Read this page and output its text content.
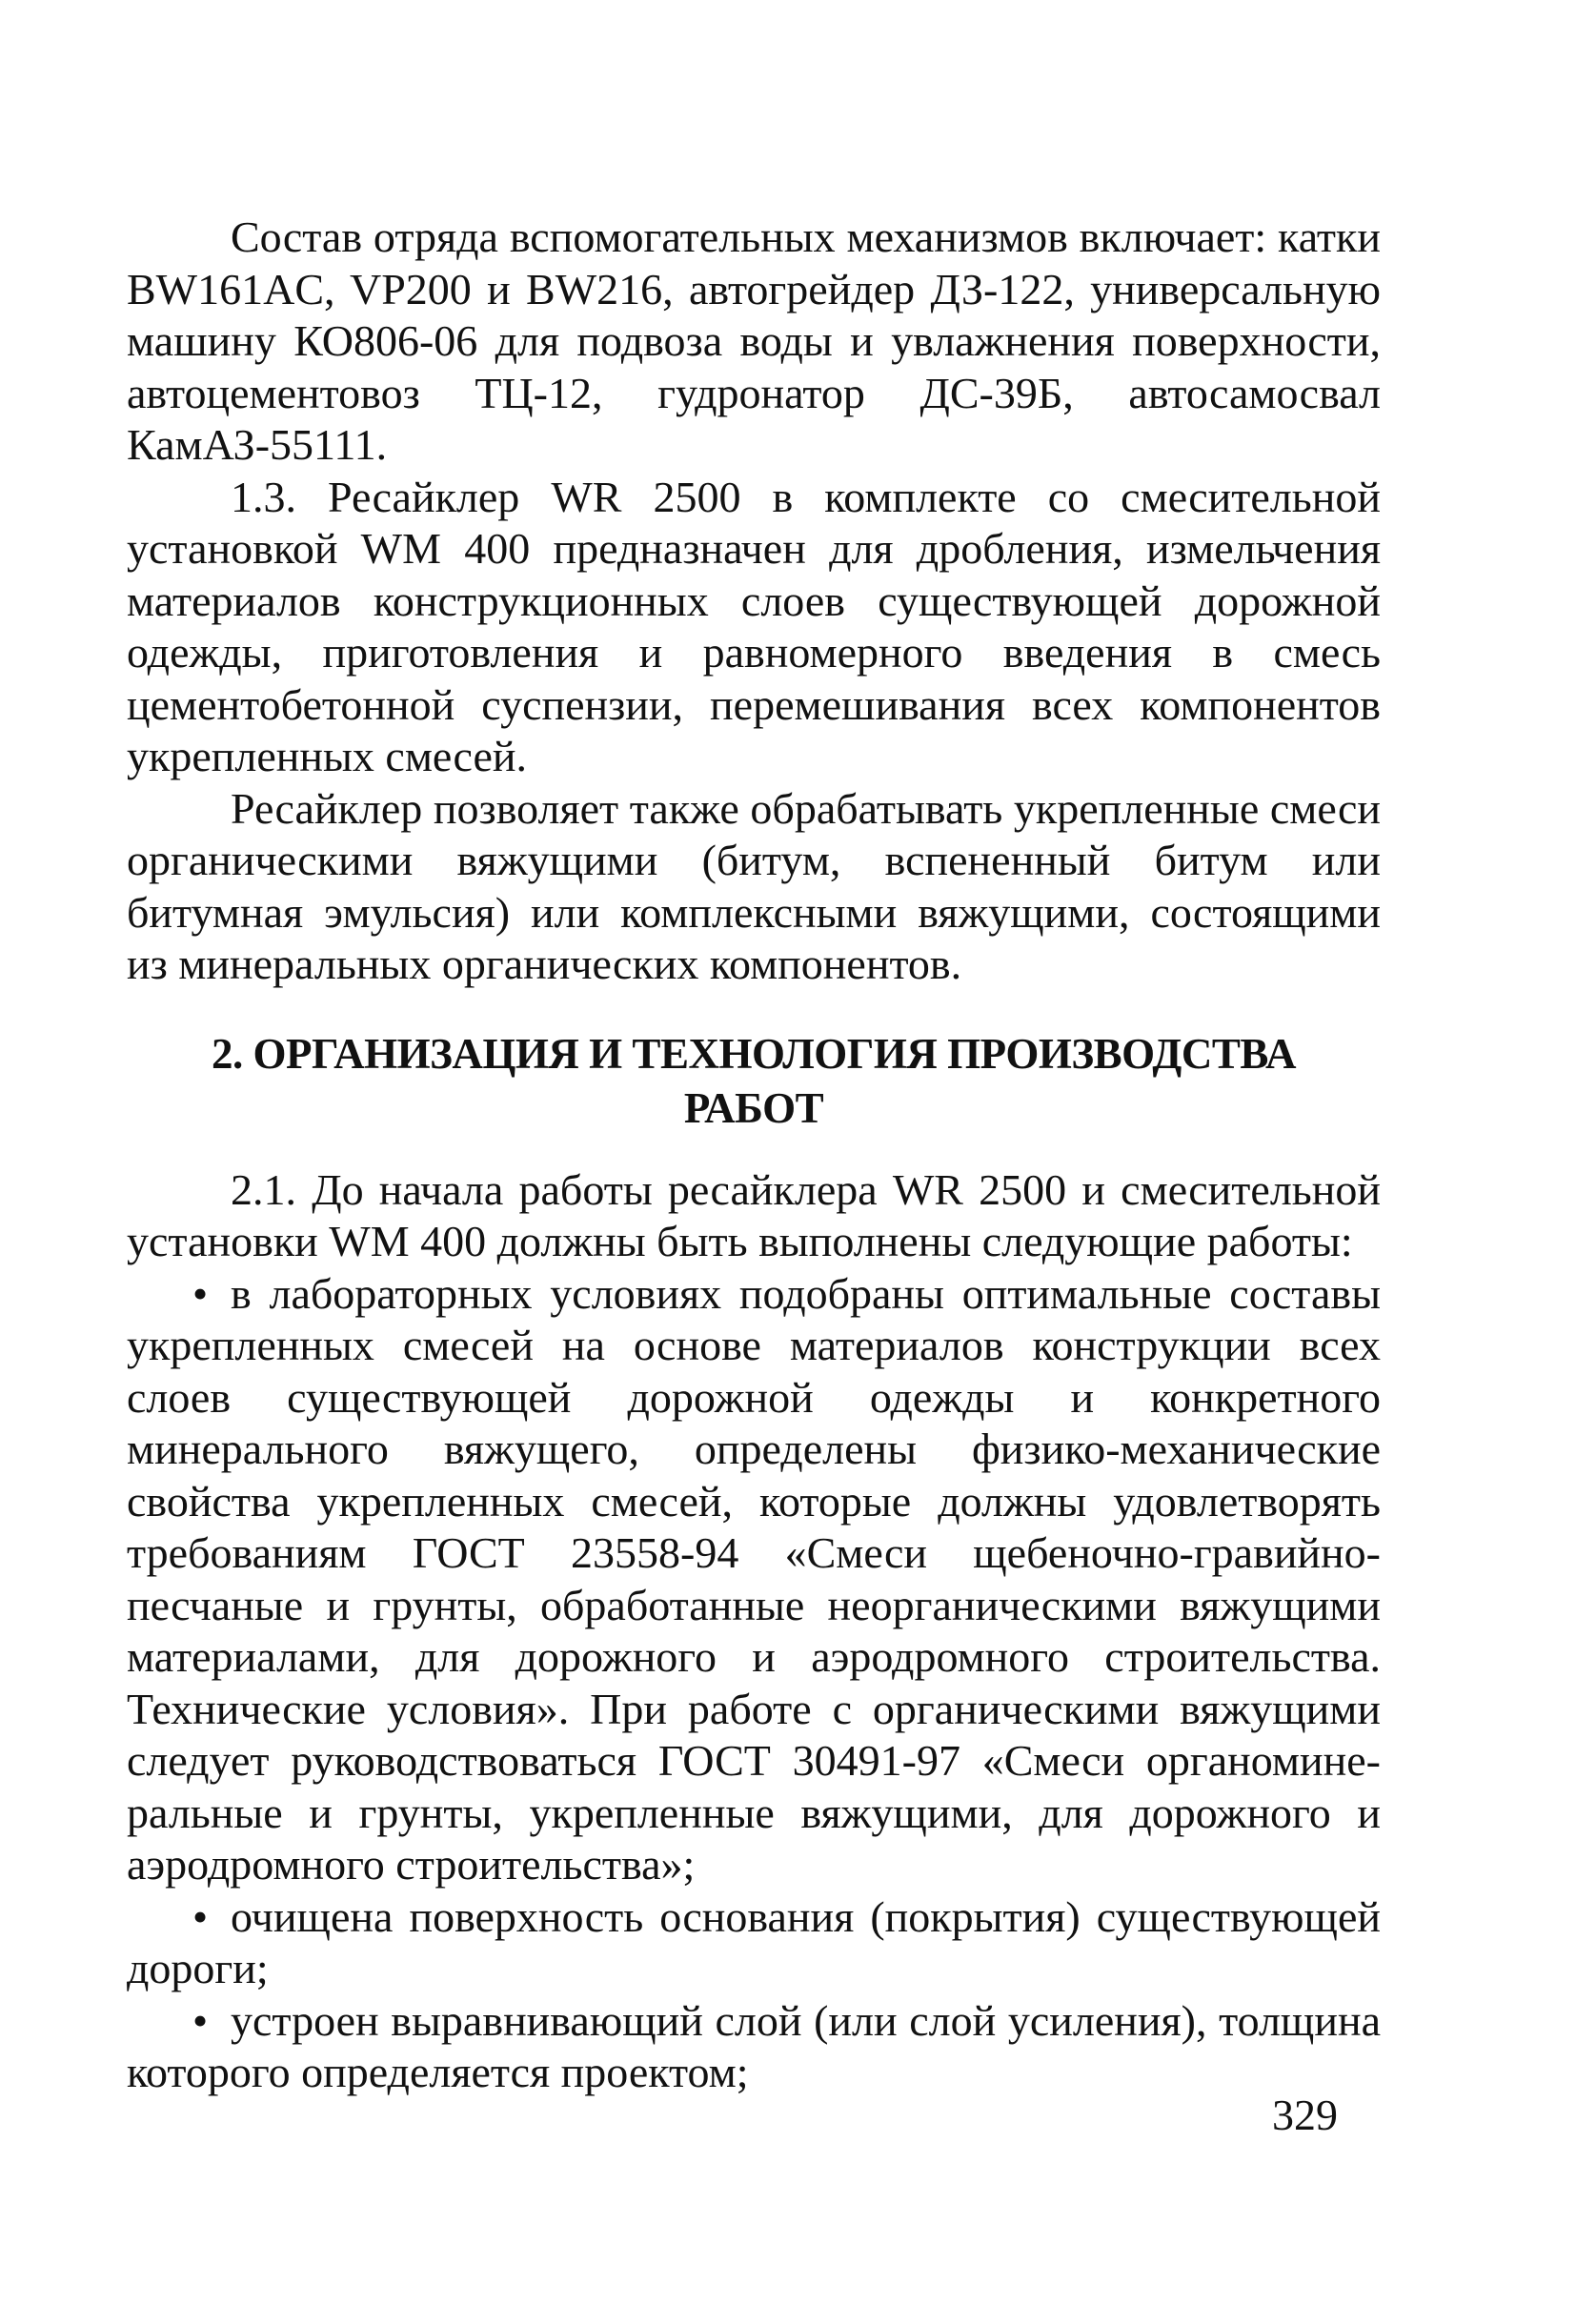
Состав отряда вспомогательных механизмов включает: катки BW161AC, VP200 и BW216, автогрейдер ДЗ-122, универсальную машину КО806-06 для подвоза воды и увлажнения поверхности, автоцементовоз ТЦ-12, гудронатор ДС-39Б, автосамосвал КамАЗ-55111.

1.3. Ресайклер WR 2500 в комплекте со смесительной установкой WM 400 предназначен для дробления, измельчения материалов конструкционных слоев существующей дорожной одежды, приготовления и равномерного введения в смесь цементобетонной суспензии, перемешивания всех компонентов укрепленных смесей.

Ресайклер позволяет также обрабатывать укрепленные смеси органическими вяжущими (битум, вспененный битум или битумная эмульсия) или комплексными вяжущими, состоящими из минеральных органических компонентов.

2. ОРГАНИЗАЦИЯ И ТЕХНОЛОГИЯ ПРОИЗВОДСТВА
РАБОТ

2.1. До начала работы ресайклера WR 2500 и смесительной установки WM 400 должны быть выполнены следующие работы:

• в лабораторных условиях подобраны оптимальные составы укрепленных смесей на основе материалов конструкции всех слоев существующей дорожной одежды и конкретного минерального вяжущего, определены физико-механические свойства укрепленных смесей, которые должны удовлетворять требованиям ГОСТ 23558-94 «Смеси щебеночно-гравийно-песчаные и грунты, обработанные неорганическими вяжущими материалами, для дорожного и аэродромного строительства. Технические условия». При работе с органическими вяжущими следует руководствоваться ГОСТ 30491-97 «Смеси органоминеральные и грунты, укрепленные вяжущими, для дорожного и аэродромного строительства»;

• очищена поверхность основания (покрытия) существующей дороги;

• устроен выравнивающий слой (или слой усиления), толщина которого определяется проектом;

329
